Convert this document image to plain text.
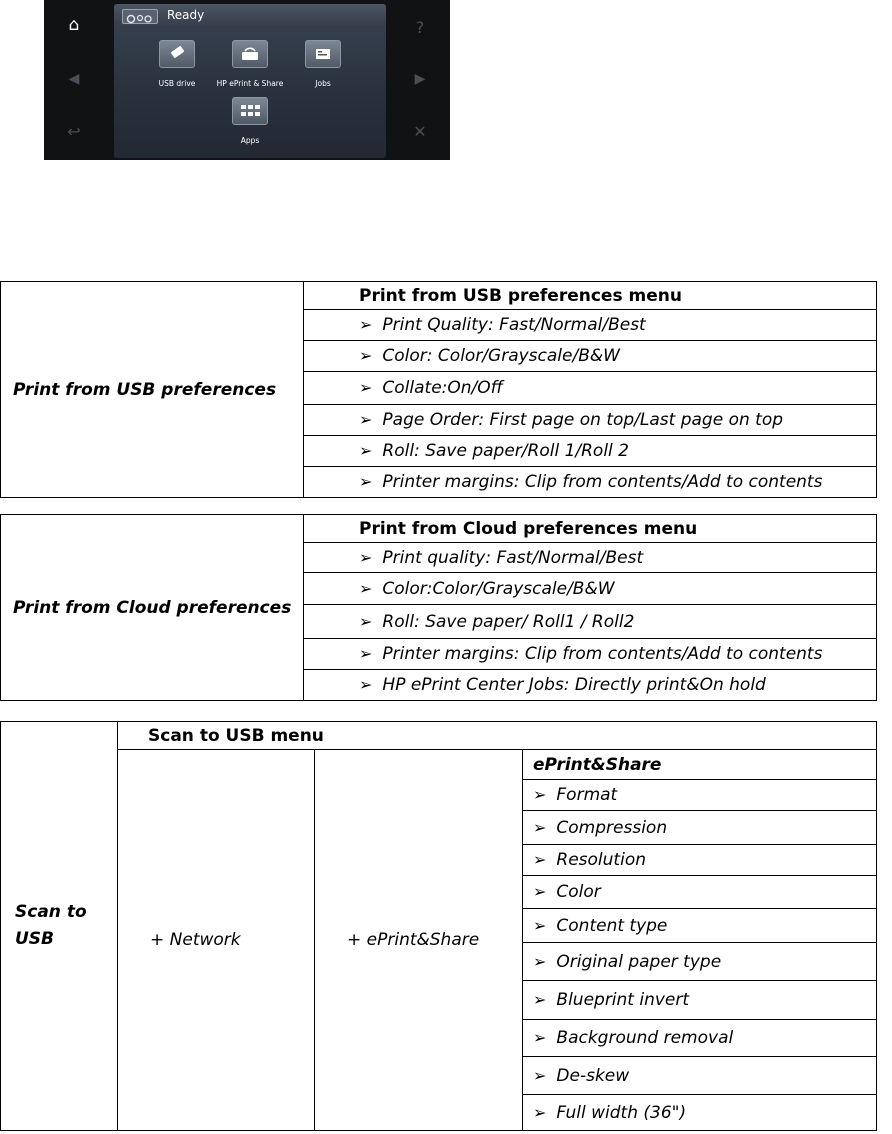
⌂
◀
↩
Ready
USB drive	HP ePrint & Share	Jobs
Apps
?
▶
✕
Print from USB preferences	Print from USB preferences menu
➢ Print Quality: Fast/Normal/Best
➢ Color: Color/Grayscale/B&W
➢ Collate:On/Off
➢ Page Order: First page on top/Last page on top
➢ Roll: Save paper/Roll 1/Roll 2
➢ Printer margins: Clip from contents/Add to contents
Print from Cloud preferences	Print from Cloud preferences menu
➢ Print quality: Fast/Normal/Best
➢ Color:Color/Grayscale/B&W
➢ Roll: Save paper/ Roll1 / Roll2
➢ Printer margins: Clip from contents/Add to contents
➢ HP ePrint Center Jobs: Directly print&On hold
Scan to USB	Scan to USB menu		
	+ Network	+ ePrint&Share	ePrint&Share
			➢ Format
			➢ Compression
			➢ Resolution
			➢ Color
			➢ Content type
			➢ Original paper type
			➢ Blueprint invert
			➢ Background removal
			➢ De-skew
			➢ Full width (36")
